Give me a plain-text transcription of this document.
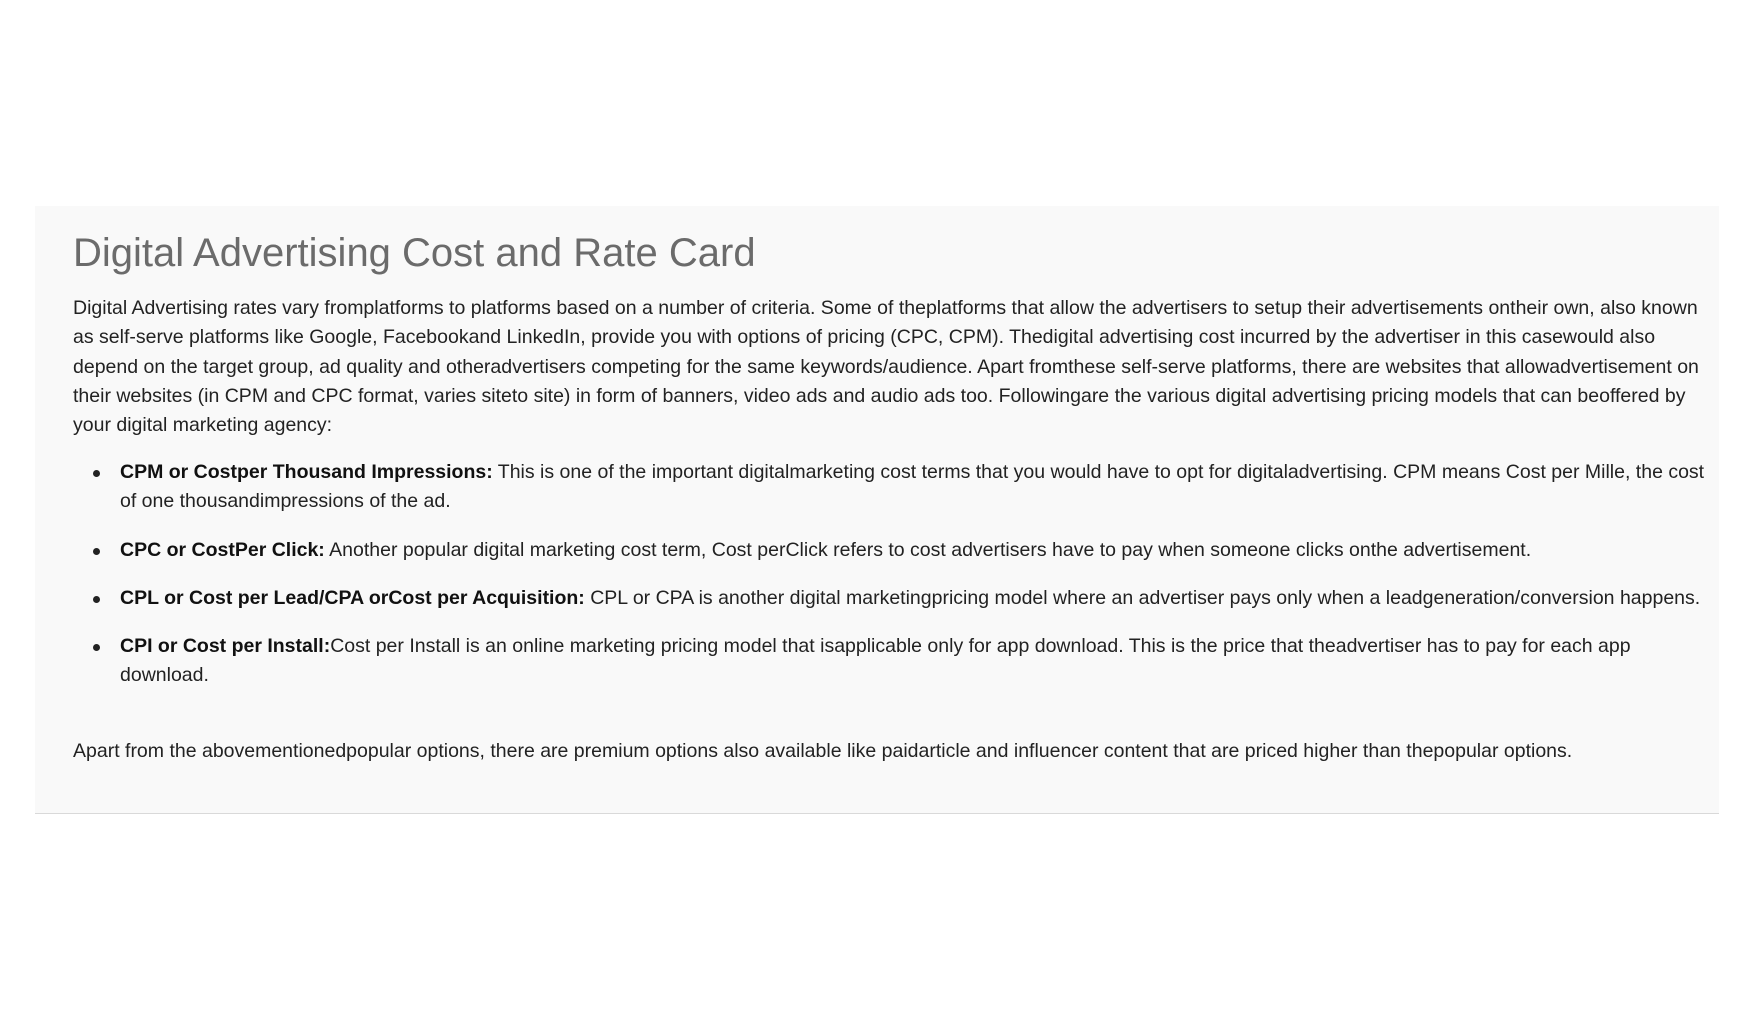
Digital Advertising Cost and Rate Card

Digital Advertising rates vary fromplatforms to platforms based on a number of criteria. Some of theplatforms that allow the advertisers to setup their advertisements ontheir own, also known as self-serve platforms like Google, Facebookand LinkedIn, provide you with options of pricing (CPC, CPM). Thedigital advertising cost incurred by the advertiser in this casewould also depend on the target group, ad quality and otheradvertisers competing for the same keywords/audience. Apart fromthese self-serve platforms, there are websites that allowadvertisement on their websites (in CPM and CPC format, varies siteto site) in form of banners, video ads and audio ads too. Followingare the various digital advertising pricing models that can beoffered by your digital marketing agency:

CPM or Costper Thousand Impressions: This is one of the important digitalmarketing cost terms that you would have to opt for digitaladvertising. CPM means Cost per Mille, the cost of one thousandimpressions of the ad.
CPC or CostPer Click: Another popular digital marketing cost term, Cost perClick refers to cost advertisers have to pay when someone clicks onthe advertisement.
CPL or Cost per Lead/CPA orCost per Acquisition: CPL or CPA is another digital marketingpricing model where an advertiser pays only when a leadgeneration/conversion happens.
CPI or Cost per Install:Cost per Install is an online marketing pricing model that isapplicable only for app download. This is the price that theadvertiser has to pay for each app download.

Apart from the abovementionedpopular options, there are premium options also available like paidarticle and influencer content that are priced higher than thepopular options.
